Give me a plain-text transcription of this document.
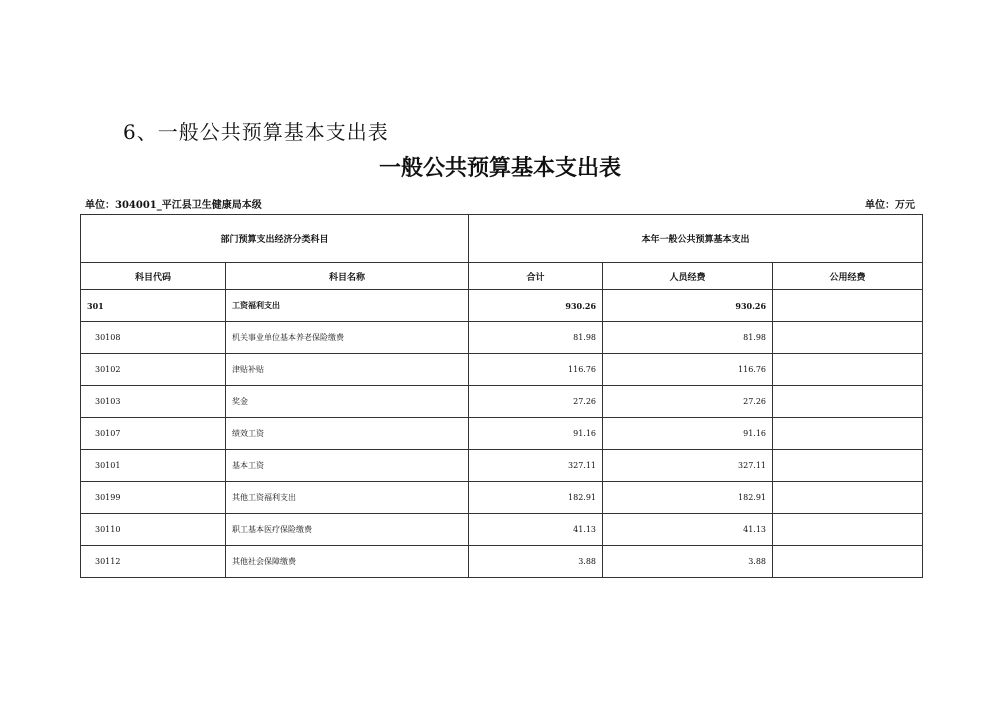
6、一般公共预算基本支出表
一般公共预算基本支出表
单位：304001_平江县卫生健康局本级	单位：万元
部门预算支出经济分类科目		本年一般公共预算基本支出		
科目代码	科目名称	合计	人员经费	公用经费
301	工资福利支出	930.26	930.26	
30108	机关事业单位基本养老保险缴费	81.98	81.98	
30102	津贴补贴	116.76	116.76	
30103	奖金	27.26	27.26	
30107	绩效工资	91.16	91.16	
30101	基本工资	327.11	327.11	
30199	其他工资福利支出	182.91	182.91	
30110	职工基本医疗保险缴费	41.13	41.13	
30112	其他社会保障缴费	3.88	3.88	
